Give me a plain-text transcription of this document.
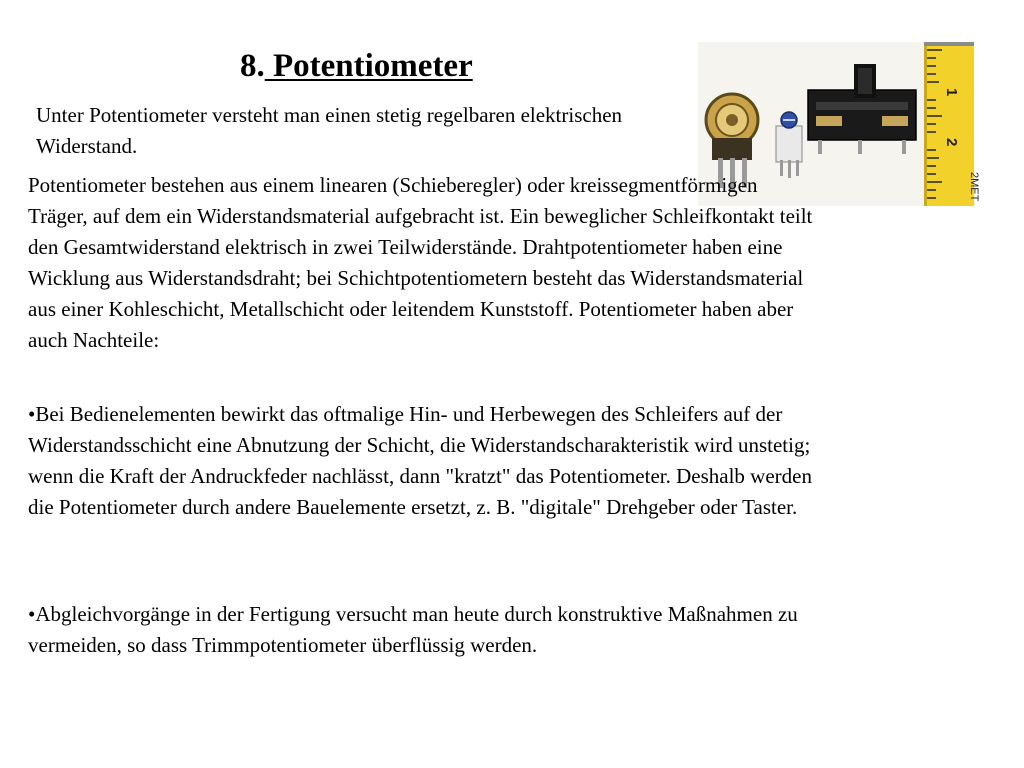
8. Potentiometer

Unter Potentiometer versteht man einen stetig regelbaren elektrischen Widerstand.

1
2
2MET

Potentiometer bestehen aus einem linearen (Schieberegler) oder kreissegmentförmigen Träger, auf dem ein Widerstandsmaterial aufgebracht ist. Ein beweglicher Schleifkontakt teilt den Gesamtwiderstand elektrisch in zwei Teilwiderstände. Drahtpotentiometer haben eine Wicklung aus Widerstandsdraht; bei Schichtpotentiometern besteht das Widerstandsmaterial aus einer Kohleschicht, Metallschicht oder leitendem Kunststoff. Potentiometer haben aber auch Nachteile:

•Bei Bedienelementen bewirkt das oftmalige Hin- und Herbewegen des Schleifers auf der Widerstandsschicht eine Abnutzung der Schicht, die Widerstandscharakteristik wird unstetig; wenn die Kraft der Andruckfeder nachlässt, dann "kratzt" das Potentiometer. Deshalb werden die Potentiometer durch andere Bauelemente ersetzt, z. B. "digitale" Drehgeber oder Taster.

•Abgleichvorgänge in der Fertigung versucht man heute durch konstruktive Maßnahmen zu vermeiden, so dass Trimmpotentiometer überflüssig werden.
